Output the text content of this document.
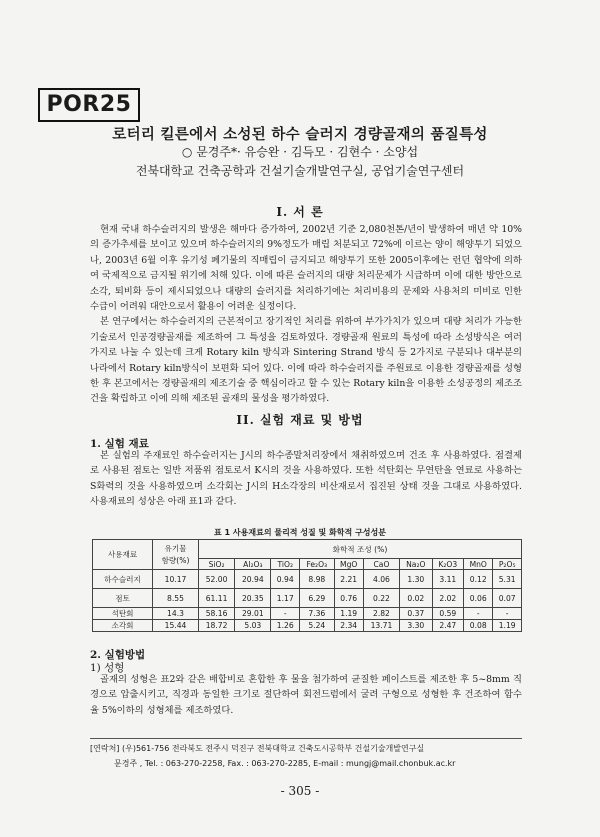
POR25
로터리 킬른에서 소성된 하수 슬러지 경량골재의 품질특성
○ 문경주*· 유승완 · 김득모 · 김현수 · 소양섭
전북대학교 건축공학과 건설기술개발연구실, 공업기술연구센터
I. 서 론

현재 국내 하수슬러지의 발생은 해마다 증가하여, 2002년 기준 2,080천톤/년이 발생하여 매년 약 10%의 증가추세를 보이고 있으며 하수슬러지의 9%정도가 매립 처분되고 72%에 이르는 양이 해양투기 되었으나, 2003년 6월 이후 유기성 폐기물의 직매립이 금지되고 해양투기 또한 2005이후에는 런던 협약에 의하여 국제적으로 금지될 위기에 처해 있다. 이에 따른 슬러지의 대량 처리문제가 시급하며 이에 대한 방안으로 소각, 퇴비화 등이 제시되었으나 대량의 슬러지를 처리하기에는 처리비용의 문제와 사용처의 미비로 인한 수급이 어려워 대안으로서 활용이 어려운 실정이다.

본 연구에서는 하수슬러지의 근본적이고 장기적인 처리를 위하여 부가가치가 있으며 대량 처리가 가능한 기술로서 인공경량골재를 제조하여 그 특성을 검토하였다. 경량골재 원료의 특성에 따라 소성방식은 여러 가지로 나눌 수 있는데 크게 Rotary kiln 방식과 Sintering Strand 방식 등 2가지로 구분되나 대부분의 나라에서 Rotary kiln방식이 보편화 되어 있다. 이에 따라 하수슬러지를 주원료로 이용한 경량골재를 성형한 후 본고에서는 경량골재의 제조기술 중 핵심이라고 할 수 있는 Rotary kiln을 이용한 소성공정의 제조조건을 확립하고 이에 의해 제조된 골재의 물성을 평가하였다.

II. 실험 재료 및 방법
1. 실험 재료

본 실험의 주재료인 하수슬러지는 J시의 하수종말처리장에서 채취하였으며 건조 후 사용하였다. 점결제로 사용된 점토는 일반 저품위 점토로서 K시의 것을 사용하였다. 또한 석탄회는 무연탄을 연료로 사용하는 S화력의 것을 사용하였으며 소각회는 J시의 H소각장의 비산재로서 집진된 상태 것을 그대로 사용하였다. 사용재료의 성상은 아래 표1과 같다.

표 1 사용재료의 물리적 성질 및 화학적 구성성분
사용재료	유기물
함량(%)	화학적 조성 (%)									
		SiO₂	Al₂O₃	TiO₂	Fe₂O₃	MgO	CaO	Na₂O	K₂O3	MnO	P₂O₅
하수슬러지	10.17	52.00	20.94	0.94	8.98	2.21	4.06	1.30	3.11	0.12	5.31
점토	8.55	61.11	20.35	1.17	6.29	0.76	0.22	0.02	2.02	0.06	0.07
석탄회	14.3	58.16	29.01	-	7.36	1.19	2.82	0.37	0.59	-	-
소각회	15.44	18.72	5.03	1.26	5.24	2.34	13.71	3.30	2.47	0.08	1.19
2. 실험방법
1) 성형

골재의 성형은 표2와 같은 배합비로 혼합한 후 물을 첨가하여 균질한 페이스트를 제조한 후 5~8mm 직경으로 압출시키고, 직경과 동일한 크기로 절단하여 회전드럼에서 굴려 구형으로 성형한 후 건조하여 함수율 5%이하의 성형체를 제조하였다.

[연락처] (우)561-756 전라북도 전주시 덕진구 전북대학교 건축도시공학부 건설기술개발연구실
문경주 , Tel. : 063-270-2258, Fax. : 063-270-2285, E-mail : mungj@mail.chonbuk.ac.kr
- 305 -
